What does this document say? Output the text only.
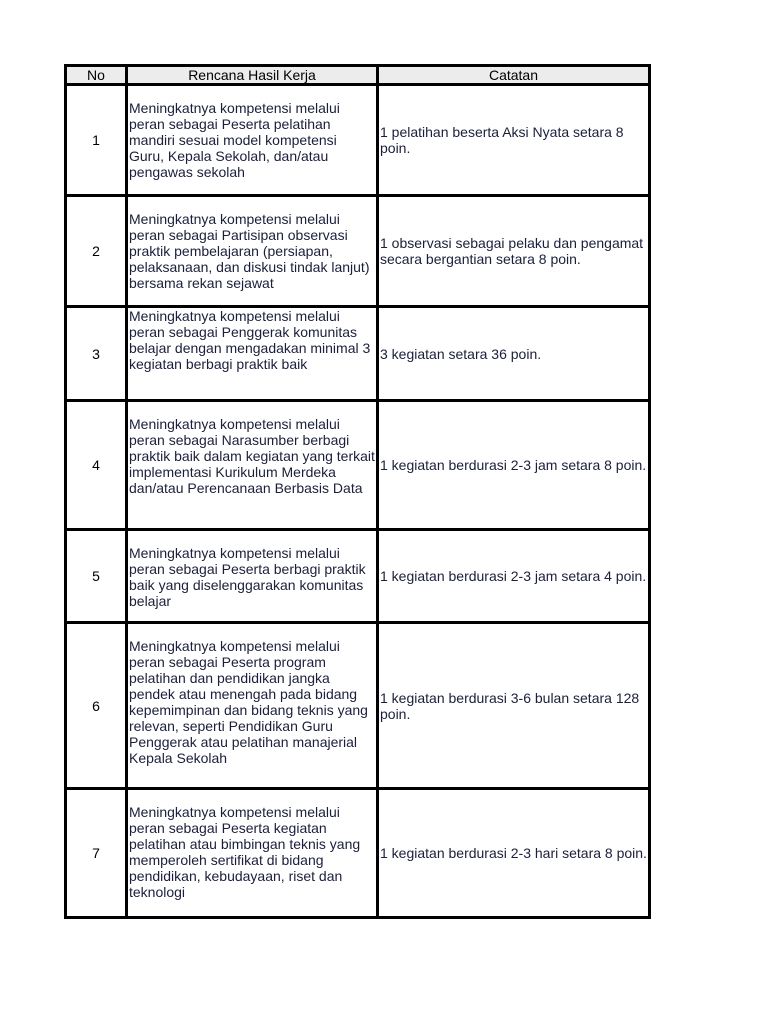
No	Rencana Hasil Kerja	Catatan
1	Meningkatnya kompetensi melalui peran sebagai Peserta pelatihan mandiri sesuai model kompetensi Guru, Kepala Sekolah, dan/atau pengawas sekolah	1 pelatihan beserta Aksi Nyata setara 8 poin.

2	Meningkatnya kompetensi melalui peran sebagai Partisipan observasi praktik pembelajaran (persiapan, pelaksanaan, dan diskusi tindak lanjut) bersama rekan sejawat	1 observasi sebagai pelaku dan pengamat secara bergantian setara 8 poin.

3	Meningkatnya kompetensi melalui peran sebagai Penggerak komunitas belajar dengan mengadakan minimal 3 kegiatan berbagi praktik baik	3 kegiatan setara 36 poin.

4	Meningkatnya kompetensi melalui peran sebagai Narasumber berbagi praktik baik dalam kegiatan yang terkait implementasi Kurikulum Merdeka dan/atau Perencanaan Berbasis Data	1 kegiatan berdurasi 2-3 jam setara 8 poin.

5	Meningkatnya kompetensi melalui peran sebagai Peserta berbagi praktik baik yang diselenggarakan komunitas belajar	1 kegiatan berdurasi 2-3 jam setara 4 poin.

6	Meningkatnya kompetensi melalui peran sebagai Peserta program pelatihan dan pendidikan jangka pendek atau menengah pada bidang kepemimpinan dan bidang teknis yang relevan, seperti Pendidikan Guru Penggerak atau pelatihan manajerial Kepala Sekolah	1 kegiatan berdurasi 3-6 bulan setara 128 poin.

7	Meningkatnya kompetensi melalui peran sebagai Peserta kegiatan pelatihan atau bimbingan teknis yang memperoleh sertifikat di bidang pendidikan, kebudayaan, riset dan teknologi	1 kegiatan berdurasi 2-3 hari setara 8 poin.
